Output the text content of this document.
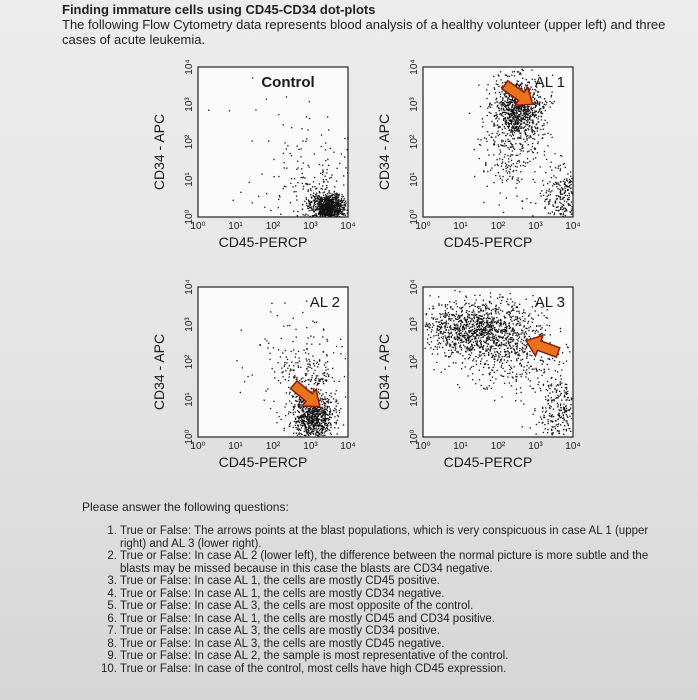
Finding immature cells using CD45-CD34 dot-plots
The following Flow Cytometry data represents blood analysis of a healthy volunteer (upper left) and three cases of acute leukemia.
Control
10⁰ 10¹ 10² 10³ 10⁴
10⁰
10¹
10²
10³
10⁴
CD45-PERCP
CD34 - APC
AL 1
10⁰ 10¹ 10² 10³ 10⁴
10⁰
10¹
10²
10³
10⁴
CD45-PERCP
CD34 - APC
AL 2
10⁰ 10¹ 10² 10³ 10⁴
10⁰
10¹
10²
10³
10⁴
CD45-PERCP
CD34 - APC
AL 3
10⁰ 10¹ 10² 10³ 10⁴
10⁰
10¹
10²
10³
10⁴
CD45-PERCP
CD34 - APC
Please answer the following questions:
1. True or False: The arrows points at the blast populations, which is very conspicuous in case AL 1 (upper right) and AL 3 (lower right).
2. True or False: In case AL 2 (lower left), the difference between the normal picture is more subtle and the blasts may be missed because in this case the blasts are CD34 negative.
3. True or False: In case AL 1, the cells are mostly CD45 positive.
4. True or False: In case AL 1, the cells are mostly CD34 negative.
5. True or False: In case AL 3, the cells are most opposite of the control.
6. True or False: In case AL 1, the cells are mostly CD45 and CD34 positive.
7. True or False: In case AL 3, the cells are mostly CD34 positive.
8. True or False: In case AL 3, the cells are mostly CD45 negative.
9. True or False: In case AL 2, the sample is most representative of the control.
10. True or False: In case of the control, most cells have high CD45 expression.
